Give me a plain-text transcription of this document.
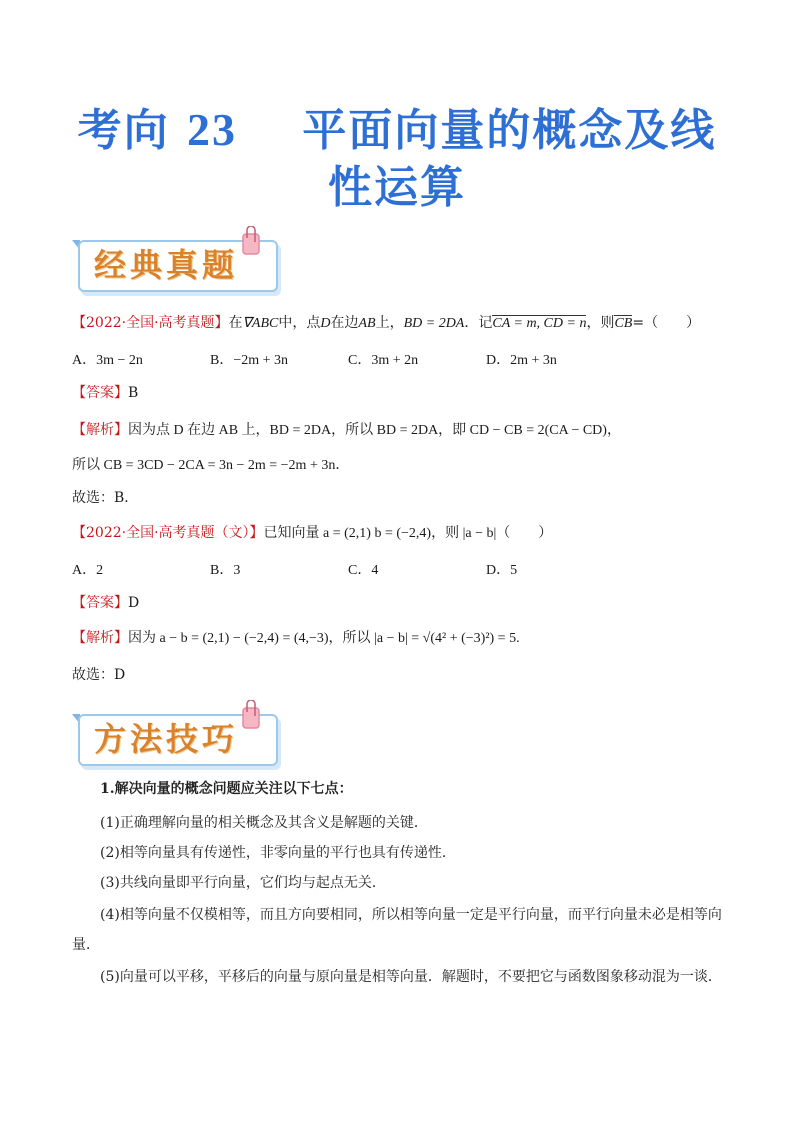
考向 23 平面向量的概念及线
性运算
经典真题
【2022·全国·高考真题】在∇ABC中，点D在边AB上，BD = 2DA．记CA = m, CD = n，则CB=（　　）
A．3m − 2n	B．−2m + 3n	C．3m + 2n	D．2m + 3n
【答案】B
【解析】因为点 D 在边 AB 上，BD = 2DA，所以 BD = 2DA，即 CD − CB = 2(CA − CD)，
所以 CB = 3CD − 2CA = 3n − 2m = −2m + 3n．
故选：B．
【2022·全国·高考真题（文）】已知向量 a = (2,1) b = (−2,4)，则 |a − b|（　　）
A．2	B．3	C．4	D．5
【答案】D
【解析】因为 a − b = (2,1) − (−2,4) = (4,−3)，所以 |a − b| = √(4² + (−3)²) = 5.
故选：D
方法技巧
1.解决向量的概念问题应关注以下七点：
(1)正确理解向量的相关概念及其含义是解题的关键．
(2)相等向量具有传递性，非零向量的平行也具有传递性．
(3)共线向量即平行向量，它们均与起点无关．
(4)相等向量不仅模相等，而且方向要相同，所以相等向量一定是平行向量，而平行向量未必是相等向
量．
(5)向量可以平移，平移后的向量与原向量是相等向量．解题时，不要把它与函数图象移动混为一谈．
